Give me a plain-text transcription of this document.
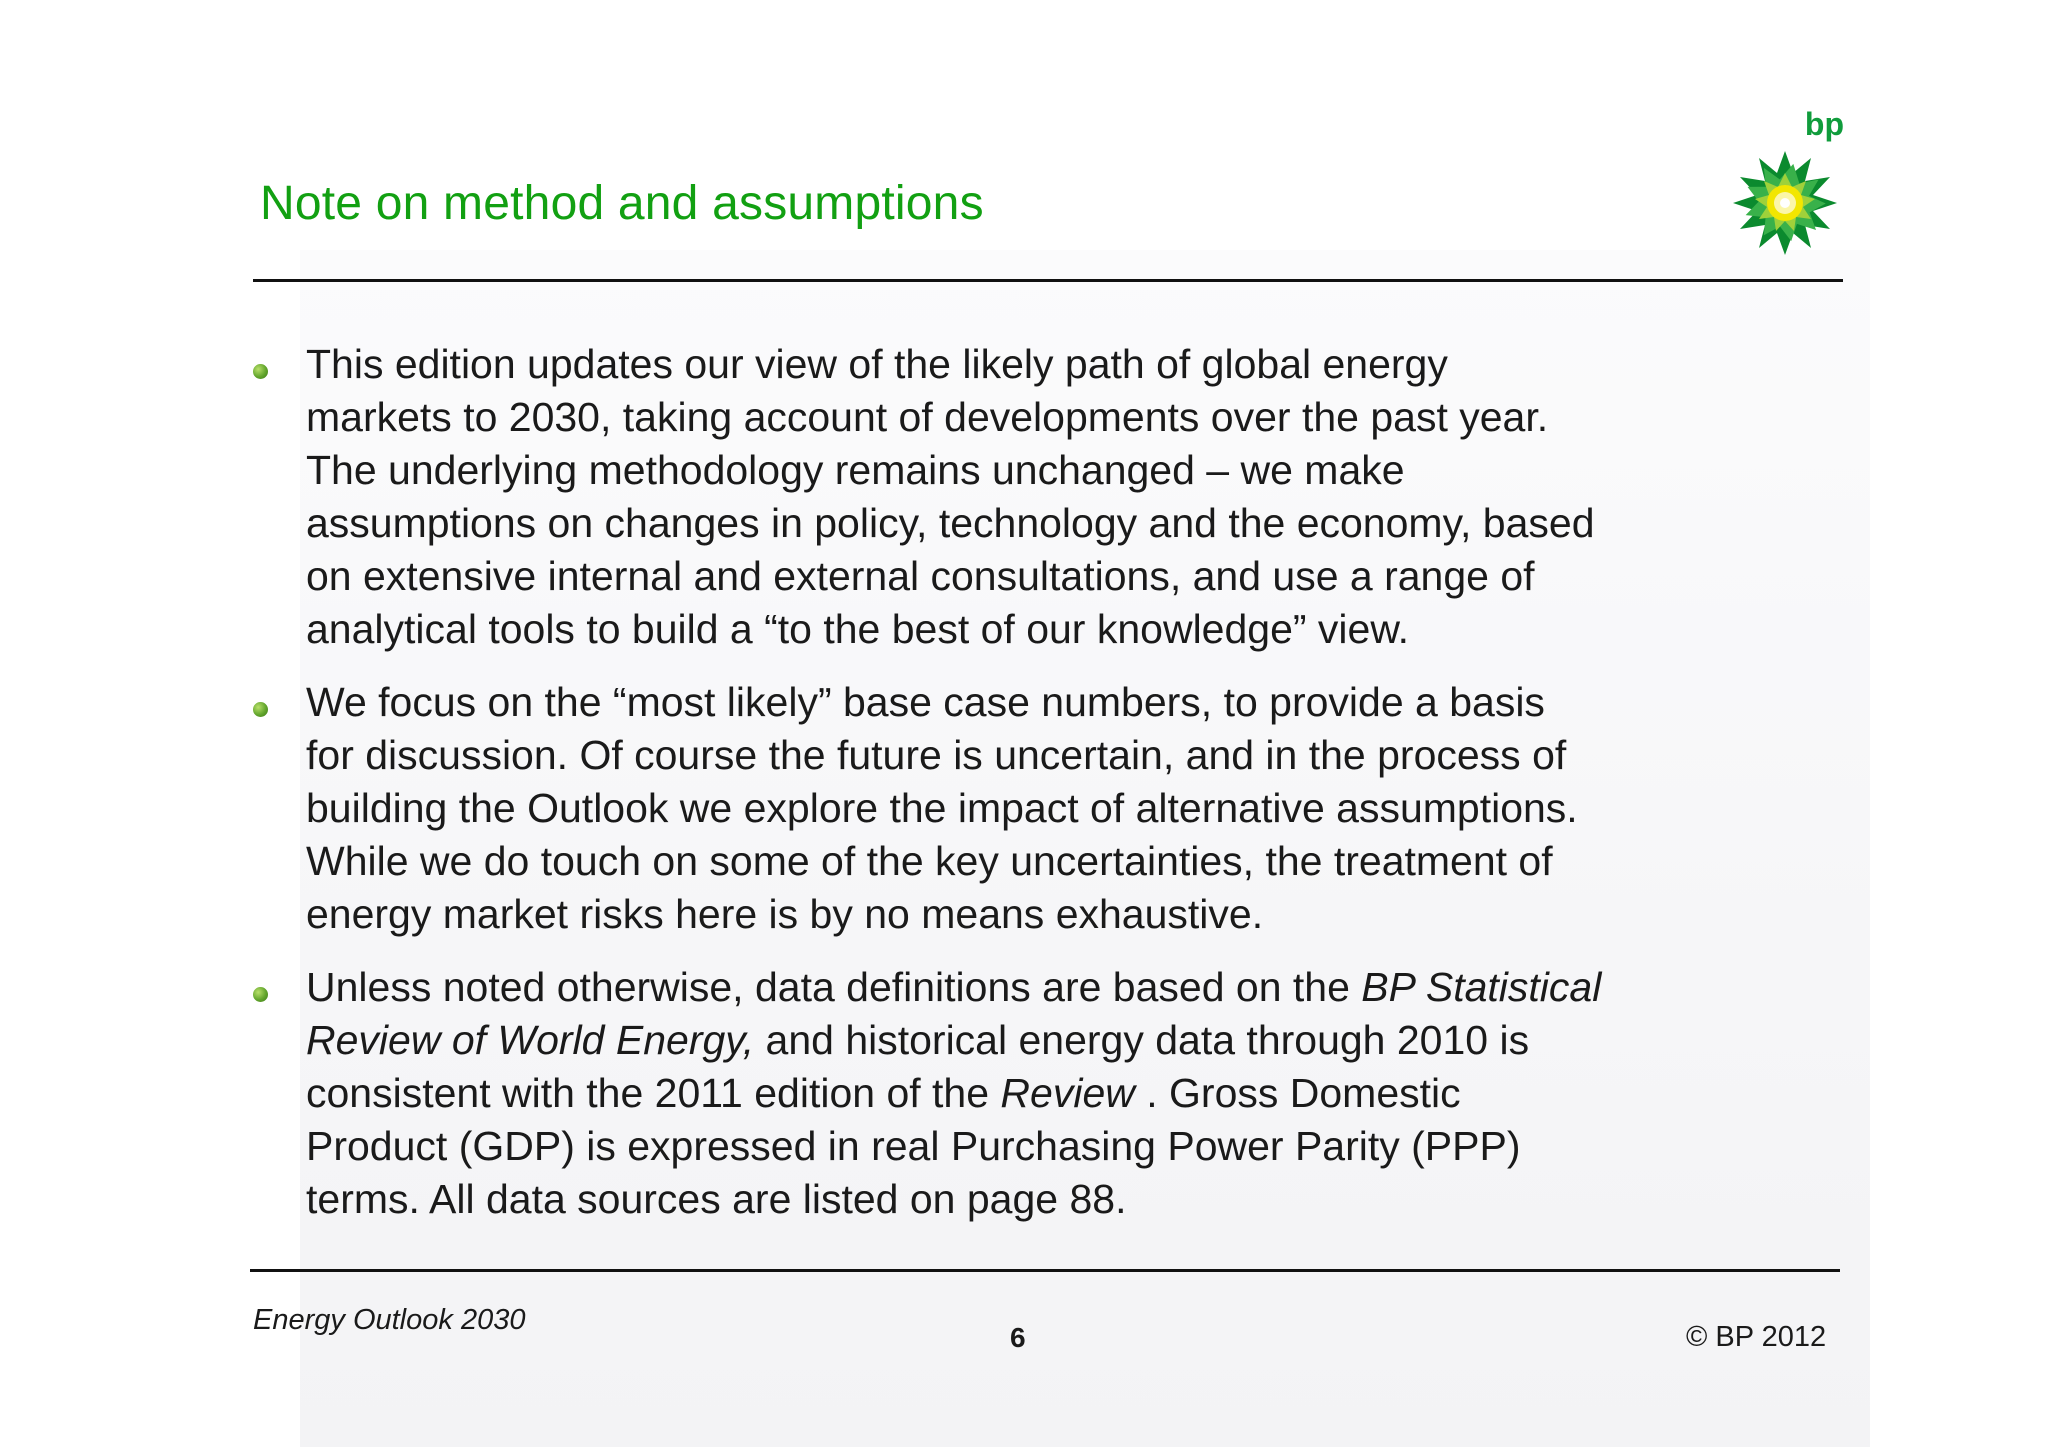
Note on method and assumptions
bp
This edition updates our view of the likely path of global energy
markets to 2030, taking account of developments over the past year.
The underlying methodology remains unchanged – we make
assumptions on changes in policy, technology and the economy, based
on extensive internal and external consultations, and use a range of
analytical tools to build a “to the best of our knowledge” view.
We focus on the “most likely” base case numbers, to provide a basis
for discussion. Of course the future is uncertain, and in the process of
building the Outlook we explore the impact of alternative assumptions.
While we do touch on some of the key uncertainties, the treatment of
energy market risks here is by no means exhaustive.
Unless noted otherwise, data definitions are based on the BP Statistical
Review of World Energy, and historical energy data through 2010 is
consistent with the 2011 edition of the Review . Gross Domestic
Product (GDP) is expressed in real Purchasing Power Parity (PPP)
terms. All data sources are listed on page 88.
Energy Outlook 2030
6	© BP 2012
